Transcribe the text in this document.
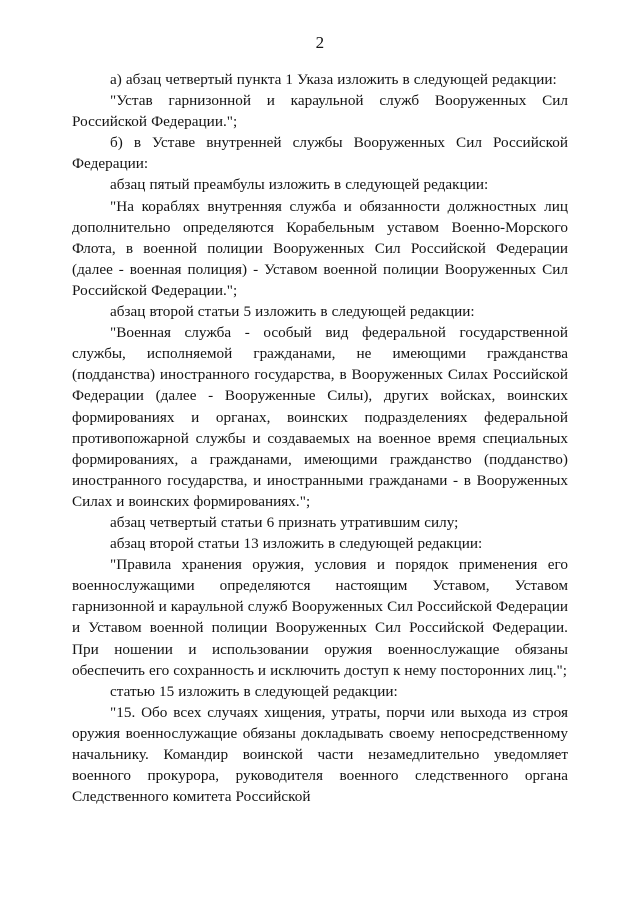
2

а) абзац четвертый пункта 1 Указа изложить в следующей редакции:

"Устав гарнизонной и караульной служб Вооруженных Сил Российской Федерации.";

б) в Уставе внутренней службы Вооруженных Сил Российской Федерации:

абзац пятый преамбулы изложить в следующей редакции:

"На кораблях внутренняя служба и обязанности должностных лиц дополнительно определяются Корабельным уставом Военно-Морского Флота, в военной полиции Вооруженных Сил Российской Федерации (далее - военная полиция) - Уставом военной полиции Вооруженных Сил Российской Федерации.";

абзац второй статьи 5 изложить в следующей редакции:

"Военная служба - особый вид федеральной государственной службы, исполняемой гражданами, не имеющими гражданства (подданства) иностранного государства, в Вооруженных Силах Российской Федерации (далее - Вооруженные Силы), других войсках, воинских формированиях и органах, воинских подразделениях федеральной противопожарной службы и создаваемых на военное время специальных формированиях, а гражданами, имеющими гражданство (подданство) иностранного государства, и иностранными гражданами - в Вооруженных Силах и воинских формированиях.";

абзац четвертый статьи 6 признать утратившим силу;

абзац второй статьи 13 изложить в следующей редакции:

"Правила хранения оружия, условия и порядок применения его военнослужащими определяются настоящим Уставом, Уставом гарнизонной и караульной служб Вооруженных Сил Российской Федерации и Уставом военной полиции Вооруженных Сил Российской Федерации. При ношении и использовании оружия военнослужащие обязаны обеспечить его сохранность и исключить доступ к нему посторонних лиц.";

статью 15 изложить в следующей редакции:

"15. Обо всех случаях хищения, утраты, порчи или выхода из строя оружия военнослужащие обязаны докладывать своему непосредственному начальнику. Командир воинской части незамедлительно уведомляет военного прокурора, руководителя военного следственного органа Следственного комитета Российской
